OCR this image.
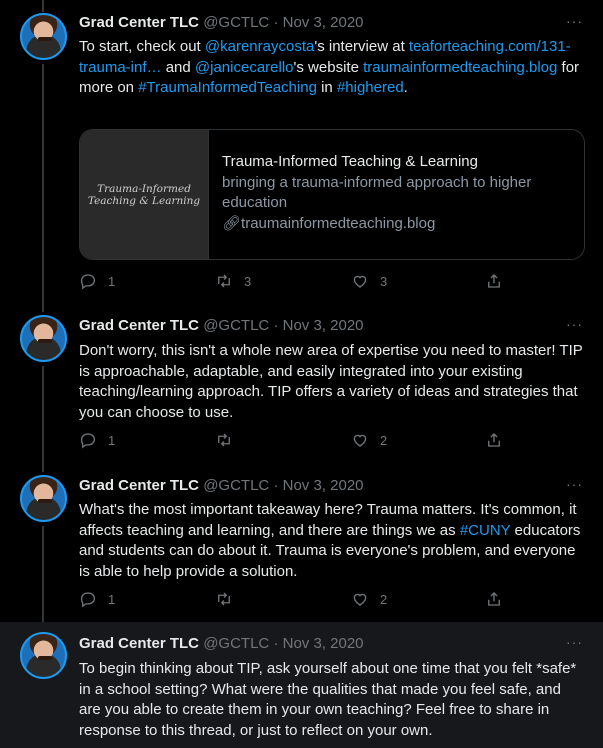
Grad Center TLC @GCTLC · Nov 3, 2020	···
To start, check out @karenraycosta's interview at teaforteaching.com/131-trauma-inf… and @janicecarello's website traumainformedteaching.blog for more on #TraumaInformedTeaching in #highered.
Trauma-Informed Teaching & Learning
Trauma-Informed Teaching & Learning
bringing a trauma-informed approach to higher education
🔗︎traumainformedteaching.blog
1	3	3
Grad Center TLC @GCTLC · Nov 3, 2020	···
Don't worry, this isn't a whole new area of expertise you need to master! TIP is approachable, adaptable, and easily integrated into your existing teaching/learning approach. TIP offers a variety of ideas and strategies that you can choose to use.
1	2
Grad Center TLC @GCTLC · Nov 3, 2020	···
What's the most important takeaway here? Trauma matters. It's common, it affects teaching and learning, and there are things we as #CUNY educators and students can do about it. Trauma is everyone's problem, and everyone is able to help provide a solution.
1	2
Grad Center TLC @GCTLC · Nov 3, 2020	···
To begin thinking about TIP, ask yourself about one time that you felt *safe* in a school setting? What were the qualities that made you feel safe, and are you able to create them in your own teaching? Feel free to share in response to this thread, or just to reflect on your own.
